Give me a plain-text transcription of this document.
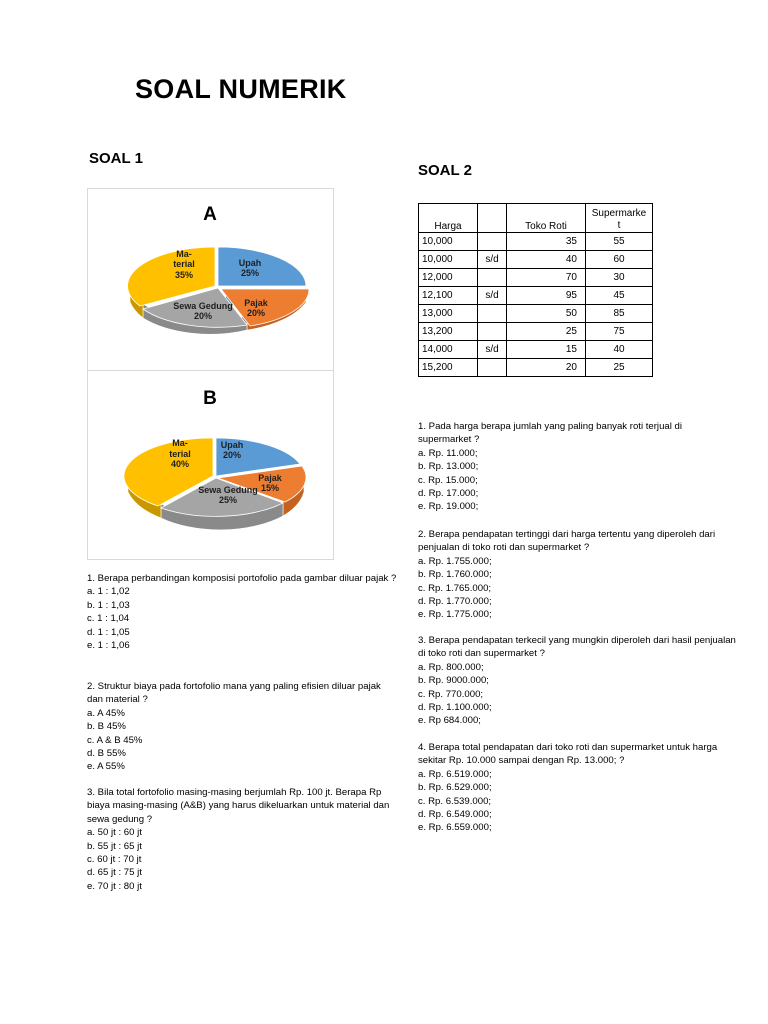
SOAL NUMERIK
SOAL 1
SOAL 2
A
Upah
25%
Pajak
20%
Sewa Gedung
20%
Ma-
terial
35%
B
Upah
20%
Pajak
15%
Sewa Gedung
25%
Ma-
terial
40%

1. Berapa perbandingan komposisi portofolio pada gambar diluar pajak ?

a. 1 : 1,02
b. 1 : 1,03
c. 1 : 1,04
d. 1 : 1,05
e. 1 : 1,06

2. Struktur biaya pada fortofolio mana yang paling efisien diluar pajak dan material ?

a. A 45%
b. B 45%
c. A & B 45%
d. B 55%
e. A 55%

3. Bila total fortofolio masing-masing berjumlah Rp. 100 jt. Berapa Rp biaya masing-masing (A&B) yang harus dikeluarkan untuk material dan sewa gedung ?

a. 50 jt : 60 jt
b. 55 jt : 65 jt
c. 60 jt : 70 jt
d. 65 jt : 75 jt
e. 70 jt : 80 jt
Harga		Toko Roti	Supermarke
t
10,000		35	55
10,000	s/d	40	60
12,000		70	30
12,100	s/d	95	45
13,000		50	85
13,200		25	75
14,000	s/d	15	40
15,200		20	25

1. Pada harga berapa jumlah yang paling banyak roti terjual di supermarket ?

a. Rp. 11.000;
b. Rp. 13.000;
c. Rp. 15.000;
d. Rp. 17.000;
e. Rp. 19.000;

2. Berapa pendapatan tertinggi dari harga tertentu yang diperoleh dari penjualan di toko roti dan supermarket ?

a. Rp. 1.755.000;
b. Rp. 1.760.000;
c. Rp. 1.765.000;
d. Rp. 1.770.000;
e. Rp. 1.775.000;

3. Berapa pendapatan terkecil yang mungkin diperoleh dari hasil penjualan di toko roti dan supermarket ?

a. Rp. 800.000;
b. Rp. 9000.000;
c. Rp. 770.000;
d. Rp. 1.100.000;
e. Rp 684.000;

4. Berapa total pendapatan dari toko roti dan supermarket untuk harga sekitar Rp. 10.000 sampai dengan Rp. 13.000; ?

a. Rp. 6.519.000;
b. Rp. 6.529.000;
c. Rp. 6.539.000;
d. Rp. 6.549.000;
e. Rp. 6.559.000;
